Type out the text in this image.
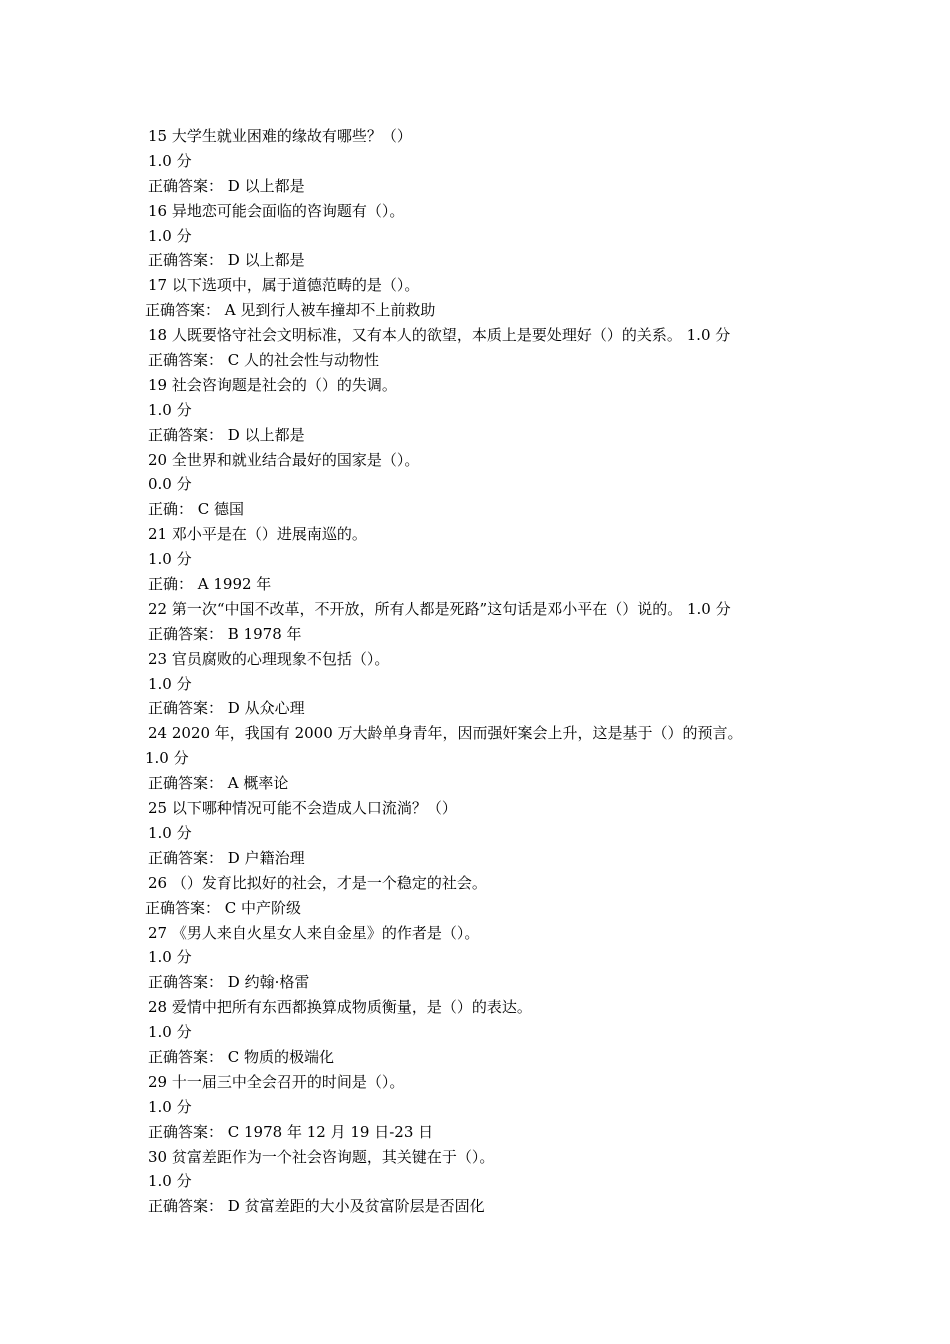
15 大学生就业困难的缘故有哪些？（）
1.0 分
正确答案： D 以上都是
16 异地恋可能会面临的咨询题有（）。
1.0 分
正确答案： D 以上都是
17 以下选项中，属于道德范畴的是（）。
正确答案： A 见到行人被车撞却不上前救助
18 人既要恪守社会文明标准，又有本人的欲望，本质上是要处理好（）的关系。 1.0 分
正确答案： C 人的社会性与动物性
19 社会咨询题是社会的（）的失调。
1.0 分
正确答案： D 以上都是
20 全世界和就业结合最好的国家是（）。
0.0 分
正确： C 德国
21 邓小平是在（）进展南巡的。
1.0 分
正确： A 1992 年
22 第一次“中国不改革，不开放，所有人都是死路”这句话是邓小平在（）说的。 1.0 分
正确答案： B 1978 年
23 官员腐败的心理现象不包括（）。
1.0 分
正确答案： D 从众心理
24 2020 年，我国有 2000 万大龄单身青年，因而强奸案会上升，这是基于（）的预言。
1.0 分
正确答案： A 概率论
25 以下哪种情况可能不会造成人口流淌？（）
1.0 分
正确答案： D 户籍治理
26 （）发育比拟好的社会，才是一个稳定的社会。
正确答案： C 中产阶级
27 《男人来自火星女人来自金星》的作者是（）。
1.0 分
正确答案： D 约翰·格雷
28 爱情中把所有东西都换算成物质衡量，是（）的表达。
1.0 分
正确答案： C 物质的极端化
29 十一届三中全会召开的时间是（）。
1.0 分
正确答案： C 1978 年 12 月 19 日-23 日
30 贫富差距作为一个社会咨询题，其关键在于（）。
1.0 分
正确答案： D 贫富差距的大小及贫富阶层是否固化
